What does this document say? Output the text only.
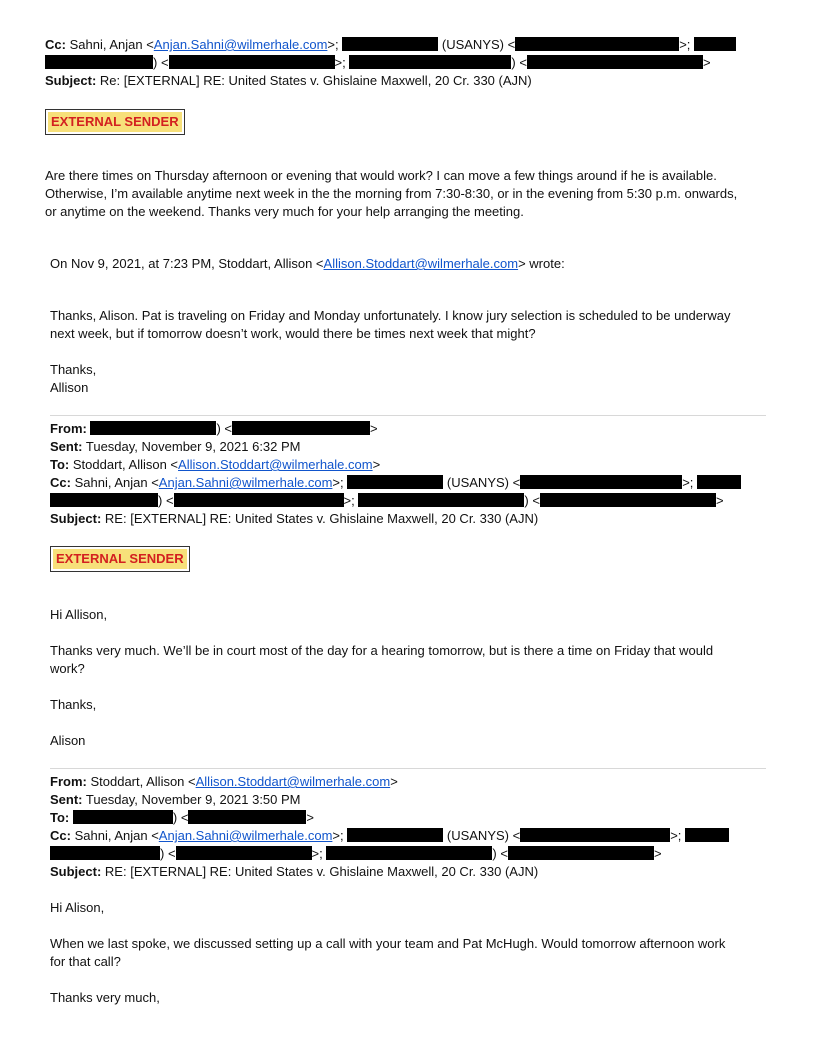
Cc: Sahni, Anjan <Anjan.Sahni@wilmerhale.com>;	(USANYS) <	>;
) <	>;	) <	>
Subject: Re: [EXTERNAL] RE: United States v. Ghislaine Maxwell, 20 Cr. 330 (AJN)
EXTERNAL SENDER
Are there times on Thursday afternoon or evening that would work? I can move a few things around if he is available.
Otherwise, I’m available anytime next week in the the morning from 7:30-8:30, or in the evening from 5:30 p.m. onwards,
or anytime on the weekend. Thanks very much for your help arranging the meeting.
On Nov 9, 2021, at 7:23 PM, Stoddart, Allison <Allison.Stoddart@wilmerhale.com> wrote:
Thanks, Alison. Pat is traveling on Friday and Monday unfortunately. I know jury selection is scheduled to be underway
next week, but if tomorrow doesn’t work, would there be times next week that might?
Thanks,
Allison
From:	) <	>
Sent: Tuesday, November 9, 2021 6:32 PM
To: Stoddart, Allison <Allison.Stoddart@wilmerhale.com>
Cc: Sahni, Anjan <Anjan.Sahni@wilmerhale.com>;	(USANYS) <	>;
) <	>;	) <	>
Subject: RE: [EXTERNAL] RE: United States v. Ghislaine Maxwell, 20 Cr. 330 (AJN)
EXTERNAL SENDER
Hi Allison,
Thanks very much. We’ll be in court most of the day for a hearing tomorrow, but is there a time on Friday that would
work?
Thanks,
Alison
From: Stoddart, Allison <Allison.Stoddart@wilmerhale.com>
Sent: Tuesday, November 9, 2021 3:50 PM
To:	) <	>
Cc: Sahni, Anjan <Anjan.Sahni@wilmerhale.com>;	(USANYS) <	>;
) <	>;	) <	>
Subject: RE: [EXTERNAL] RE: United States v. Ghislaine Maxwell, 20 Cr. 330 (AJN)
Hi Alison,
When we last spoke, we discussed setting up a call with your team and Pat McHugh. Would tomorrow afternoon work
for that call?
Thanks very much,
